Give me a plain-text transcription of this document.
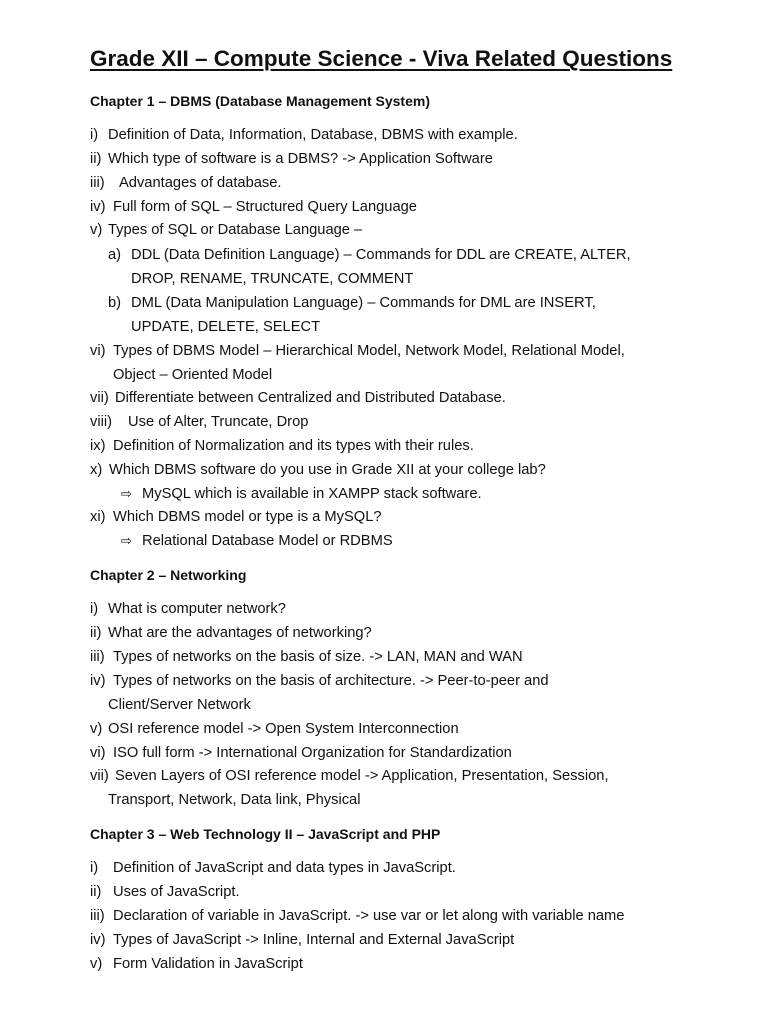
Grade XII – Compute Science - Viva Related Questions
Chapter 1 – DBMS (Database Management System)
i) Definition of Data, Information, Database, DBMS with example.
ii) Which type of software is a DBMS? -> Application Software
iii) Advantages of database.
iv) Full form of SQL – Structured Query Language
v) Types of SQL or Database Language –
a) DDL (Data Definition Language) – Commands for DDL are CREATE, ALTER,
DROP, RENAME, TRUNCATE, COMMENT
b) DML (Data Manipulation Language) – Commands for DML are INSERT,
UPDATE, DELETE, SELECT
vi) Types of DBMS Model – Hierarchical Model, Network Model, Relational Model,
Object – Oriented Model
vii) Differentiate between Centralized and Distributed Database.
viii) Use of Alter, Truncate, Drop
ix) Definition of Normalization and its types with their rules.
x) Which DBMS software do you use in Grade XII at your college lab?
⇨ MySQL which is available in XAMPP stack software.
xi) Which DBMS model or type is a MySQL?
⇨ Relational Database Model or RDBMS
Chapter 2 – Networking
i) What is computer network?
ii) What are the advantages of networking?
iii) Types of networks on the basis of size. -> LAN, MAN and WAN
iv) Types of networks on the basis of architecture. -> Peer-to-peer and
Client/Server Network
v) OSI reference model -> Open System Interconnection
vi) ISO full form -> International Organization for Standardization
vii) Seven Layers of OSI reference model -> Application, Presentation, Session,
Transport, Network, Data link, Physical
Chapter 3 – Web Technology II – JavaScript and PHP
i) Definition of JavaScript and data types in JavaScript.
ii) Uses of JavaScript.
iii) Declaration of variable in JavaScript. -> use var or let along with variable name
iv) Types of JavaScript -> Inline, Internal and External JavaScript
v) Form Validation in JavaScript
